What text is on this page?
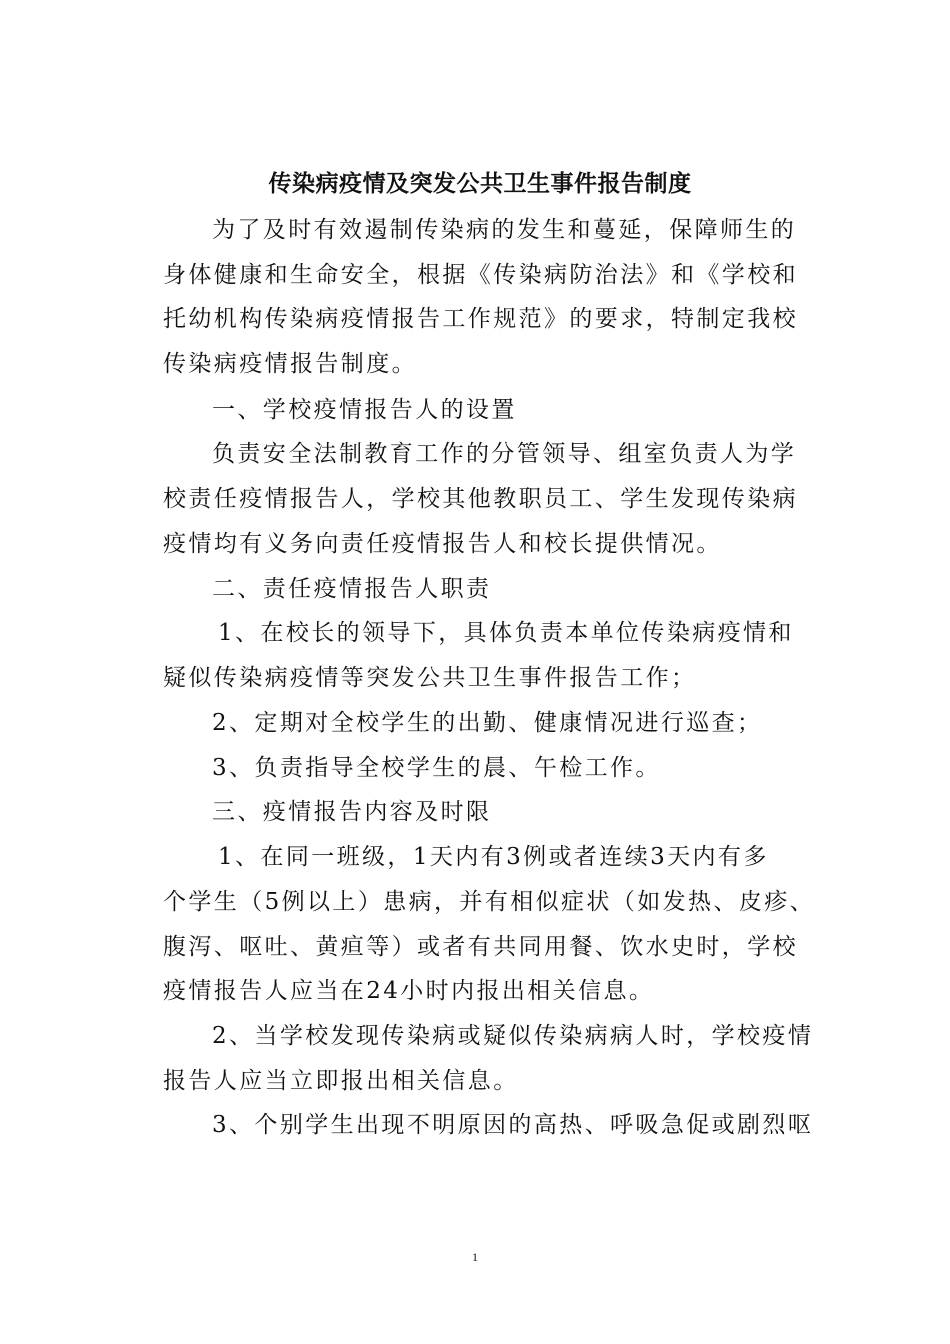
传染病疫情及突发公共卫生事件报告制度
为了及时有效遏制传染病的发生和蔓延，保障师生的
身体健康和生命安全，根据《传染病防治法》和《学校和
托幼机构传染病疫情报告工作规范》的要求，特制定我校
传染病疫情报告制度。
一、学校疫情报告人的设置
负责安全法制教育工作的分管领导、组室负责人为学
校责任疫情报告人，学校其他教职员工、学生发现传染病
疫情均有义务向责任疫情报告人和校长提供情况。
二、责任疫情报告人职责
1、在校长的领导下，具体负责本单位传染病疫情和
疑似传染病疫情等突发公共卫生事件报告工作；
2、定期对全校学生的出勤、健康情况进行巡查；
3、负责指导全校学生的晨、午检工作。
三、疫情报告内容及时限
1、在同一班级，1天内有3例或者连续3天内有多
个学生（5例以上）患病，并有相似症状（如发热、皮疹、
腹泻、呕吐、黄疸等）或者有共同用餐、饮水史时，学校
疫情报告人应当在24小时内报出相关信息。
2、当学校发现传染病或疑似传染病病人时，学校疫情
报告人应当立即报出相关信息。
3、个别学生出现不明原因的高热、呼吸急促或剧烈呕
1
